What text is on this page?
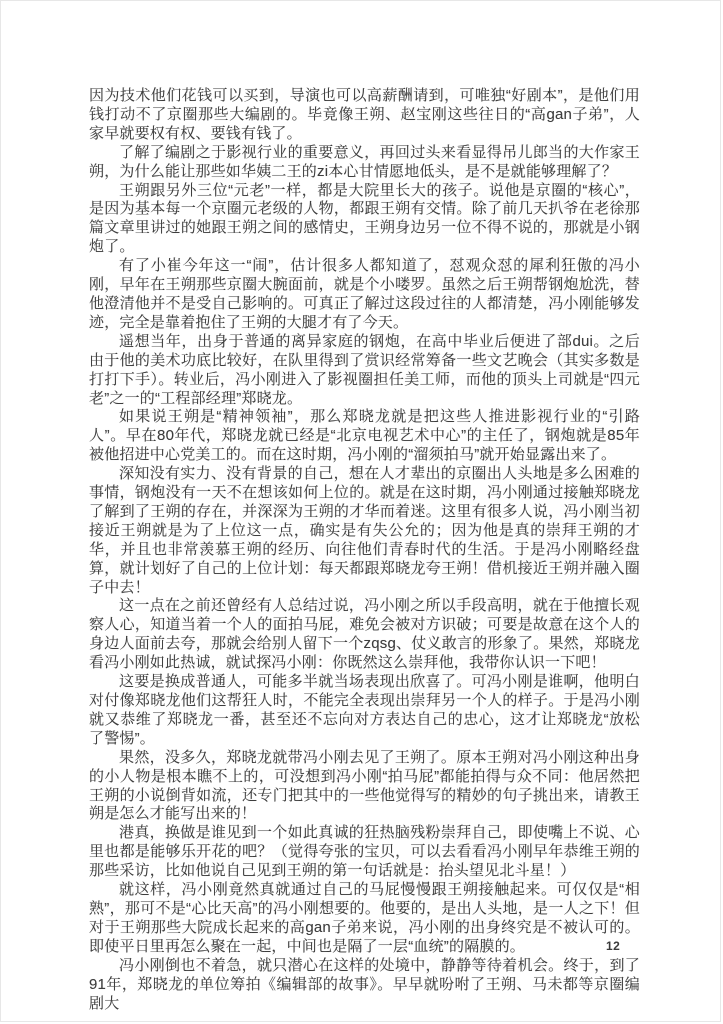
因为技术他们花钱可以买到，导演也可以高薪酬请到，可唯独“好剧本”，是他们用钱打动不了京圈那些大编剧的。毕竟像王朔、赵宝刚这些往日的“高gan子弟”，人家早就要权有权、要钱有钱了。

了解了编剧之于影视行业的重要意义，再回过头来看显得吊儿郎当的大作家王朔，为什么能让那些如华姨二王的zi本心甘情愿地低头，是不是就能够理解了？

王朔跟另外三位“元老”一样，都是大院里长大的孩子。说他是京圈的“核心”，是因为基本每一个京圈元老级的人物，都跟王朔有交情。除了前几天扒爷在老徐那篇文章里讲过的她跟王朔之间的感情史，王朔身边另一位不得不说的，那就是小钢炮了。

有了小崔今年这一“闹”，估计很多人都知道了，怼观众怼的犀利狂傲的冯小刚，早年在王朔那些京圈大腕面前，就是个小喽罗。虽然之后王朔帮钢炮尬洗，替他澄清他并不是受自己影响的。可真正了解过这段过往的人都清楚，冯小刚能够发迹，完全是靠着抱住了王朔的大腿才有了今天。

遥想当年，出身于普通的离异家庭的钢炮，在高中毕业后便进了部dui。之后由于他的美术功底比较好，在队里得到了赏识经常筹备一些文艺晚会（其实多数是打打下手）。转业后，冯小刚进入了影视圈担任美工师，而他的顶头上司就是“四元老”之一的“工程部经理”郑晓龙。

如果说王朔是“精神领袖”，那么郑晓龙就是把这些人推进影视行业的“引路人”。早在80年代，郑晓龙就已经是“北京电视艺术中心”的主任了，钢炮就是85年被他招进中心党美工的。而在这时期，冯小刚的“溜须拍马”就开始显露出来了。

深知没有实力、没有背景的自己，想在人才辈出的京圈出人头地是多么困难的事情，钢炮没有一天不在想该如何上位的。就是在这时期，冯小刚通过接触郑晓龙了解到了王朔的存在，并深深为王朔的才华而着迷。这里有很多人说，冯小刚当初接近王朔就是为了上位这一点，确实是有失公允的；因为他是真的崇拜王朔的才华，并且也非常羡慕王朔的经历、向往他们青春时代的生活。于是冯小刚略经盘算，就计划好了自己的上位计划：每天都跟郑晓龙夸王朔！借机接近王朔并融入圈子中去！

这一点在之前还曾经有人总结过说，冯小刚之所以手段高明，就在于他擅长观察人心，知道当着一个人的面拍马屁，难免会被对方识破；可要是故意在这个人的身边人面前去夸，那就会给别人留下一个zqsg、仗义敢言的形象了。果然，郑晓龙看冯小刚如此热诚，就试探冯小刚：你既然这么崇拜他，我带你认识一下吧！

这要是换成普通人，可能多半就当场表现出欣喜了。可冯小刚是谁啊，他明白对付像郑晓龙他们这帮狂人时，不能完全表现出崇拜另一个人的样子。于是冯小刚就又恭维了郑晓龙一番，甚至还不忘向对方表达自己的忠心，这才让郑晓龙“放松了警惕”。

果然，没多久，郑晓龙就带冯小刚去见了王朔了。原本王朔对冯小刚这种出身的小人物是根本瞧不上的，可没想到冯小刚“拍马屁”都能拍得与众不同：他居然把王朔的小说倒背如流，还专门把其中的一些他觉得写的精妙的句子挑出来，请教王朔是怎么才能写出来的！

港真，换做是谁见到一个如此真诚的狂热脑残粉崇拜自己，即使嘴上不说、心里也都是能够乐开花的吧？（觉得夸张的宝贝，可以去看看冯小刚早年恭维王朔的那些采访，比如他说自己见到王朔的第一句话就是：抬头望见北斗星！）

就这样，冯小刚竟然真就通过自己的马屁慢慢跟王朔接触起来。可仅仅是“相熟”，那可不是“心比天高”的冯小刚想要的。他要的，是出人头地，是一人之下！但对于王朔那些大院成长起来的高gan子弟来说，冯小刚的出身终究是不被认可的。即使平日里再怎么聚在一起，中间也是隔了一层“血统”的隔膜的。

冯小刚倒也不着急，就只潜心在这样的处境中，静静等待着机会。终于，到了91年，郑晓龙的单位筹拍《编辑部的故事》。早早就吩咐了王朔、马未都等京圈编剧大

12
